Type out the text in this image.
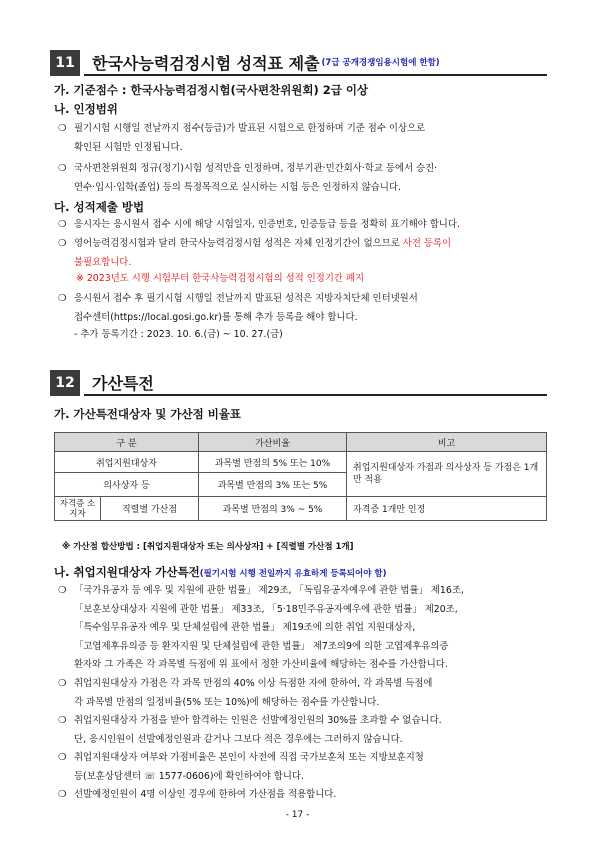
11	한국사능력검정시험 성적표 제출 (7급 공개경쟁임용시험에 한함)
가. 기준점수 : 한국사능력검정시험(국사편찬위원회) 2급 이상
나. 인정범위
❍ 필기시험 시행일 전날까지 점수(등급)가 발표된 시험으로 한정하며 기준 점수 이상으로
확인된 시험만 인정됩니다.
❍ 국사편찬위원회 정규(정기)시험 성적만을 인정하며, 정부기관·민간회사·학교 등에서 승진·
연수·입시·입학(졸업) 등의 특정목적으로 실시하는 시험 등은 인정하지 않습니다.
다. 성적제출 방법
❍ 응시자는 응시원서 접수 시에 해당 시험일자, 인증번호, 인증등급 등을 정확히 표기해야 합니다.
❍ 영어능력검정시험과 달리 한국사능력검정시험 성적은 자체 인정기간이 없으므로 사전 등록이
불필요합니다.
※ 2023년도 시행 시험부터 한국사능력검정시험의 성적 인정기간 폐지
❍ 응시원서 접수 후 필기시험 시행일 전날까지 발표된 성적은 지방자치단체 인터넷원서
접수센터(https://local.gosi.go.kr)를 통해 추가 등록을 해야 합니다.
- 추가 등록기간 : 2023. 10. 6.(금) ~ 10. 27.(금)
12	가산특전
가. 가산특전대상자 및 가산점 비율표
구 분		가산비율	비고
취업지원대상자		과목별 만점의 5% 또는 10%	취업지원대상자 가점과 의사상자 등 가점은 1개만 적용
의사상자 등		과목별 만점의 3% 또는 5%	
자격증 소지자	직렬별 가산점	과목별 만점의 3% ~ 5%	자격증 1개만 인정
※ 가산점 합산방법 : [취업지원대상자 또는 의사상자] + [직렬별 가산점 1개]
나. 취업지원대상자 가산특전(필기시험 시행 전일까지 유효하게 등록되어야 함)
❍ 「국가유공자 등 예우 및 지원에 관한 법률」 제29조, 「독립유공자예우에 관한 법률」 제16조,
「보훈보상대상자 지원에 관한 법률」 제33조, 「5·18민주유공자예우에 관한 법률」 제20조,
「특수임무유공자 예우 및 단체설립에 관한 법률」 제19조에 의한 취업 지원대상자,
「고엽제후유의증 등 환자지원 및 단체설립에 관한 법률」 제7조의9에 의한 고엽제후유의증
환자와 그 가족은 각 과목별 득점에 위 표에서 정한 가산비율에 해당하는 점수를 가산합니다.
❍ 취업지원대상자 가점은 각 과목 만점의 40% 이상 득점한 자에 한하여, 각 과목별 득점에
각 과목별 만점의 일정비율(5% 또는 10%)에 해당하는 점수를 가산합니다.
❍ 취업지원대상자 가점을 받아 합격하는 인원은 선발예정인원의 30%를 초과할 수 없습니다.
단, 응시인원이 선발예정인원과 같거나 그보다 적은 경우에는 그러하지 않습니다.
❍ 취업지원대상자 여부와 가점비율은 본인이 사전에 직접 국가보훈처 또는 지방보훈지청
등(보훈상담센터 ☏ 1577-0606)에 확인하여야 합니다.
❍ 선발예정인원이 4명 이상인 경우에 한하여 가산점을 적용합니다.
- 17 -
